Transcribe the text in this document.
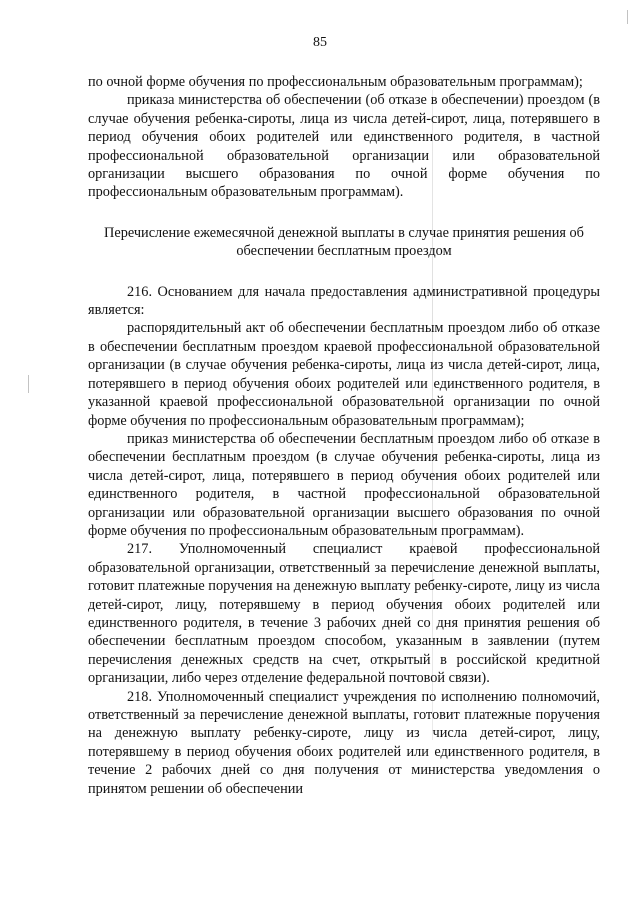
85

по очной форме обучения по профессиональным образовательным программам);

приказа министерства об обеспечении (об отказе в обеспечении) проездом (в случае обучения ребенка-сироты, лица из числа детей-сирот, лица, потерявшего в период обучения обоих родителей или единственного родителя, в частной профессиональной образовательной организации или образовательной организации высшего образования по очной форме обучения по профессиональным образовательным программам).

Перечисление ежемесячной денежной выплаты в случае принятия решения об обеспечении бесплатным проездом

216. Основанием для начала предоставления административной процедуры является:

распорядительный акт об обеспечении бесплатным проездом либо об отказе в обеспечении бесплатным проездом краевой профессиональной образовательной организации (в случае обучения ребенка-сироты, лица из числа детей-сирот, лица, потерявшего в период обучения обоих родителей или единственного родителя, в указанной краевой профессиональной образовательной организации по очной форме обучения по профессиональным образовательным программам);

приказ министерства об обеспечении бесплатным проездом либо об отказе в обеспечении бесплатным проездом (в случае обучения ребенка-сироты, лица из числа детей-сирот, лица, потерявшего в период обучения обоих родителей или единственного родителя, в частной профессиональной образовательной организации или образовательной организации высшего образования по очной форме обучения по профессиональным образовательным программам).

217. Уполномоченный специалист краевой профессиональной образовательной организации, ответственный за перечисление денежной выплаты, готовит платежные поручения на денежную выплату ребенку-сироте, лицу из числа детей-сирот, лицу, потерявшему в период обучения обоих родителей или единственного родителя, в течение 3 рабочих дней со дня принятия решения об обеспечении бесплатным проездом способом, указанным в заявлении (путем перечисления денежных средств на счет, открытый в российской кредитной организации, либо через отделение федеральной почтовой связи).

218. Уполномоченный специалист учреждения по исполнению полномочий, ответственный за перечисление денежной выплаты, готовит платежные поручения на денежную выплату ребенку-сироте, лицу из числа детей-сирот, лицу, потерявшему в период обучения обоих родителей или единственного родителя, в течение 2 рабочих дней со дня получения от министерства уведомления о принятом решении об обеспечении
